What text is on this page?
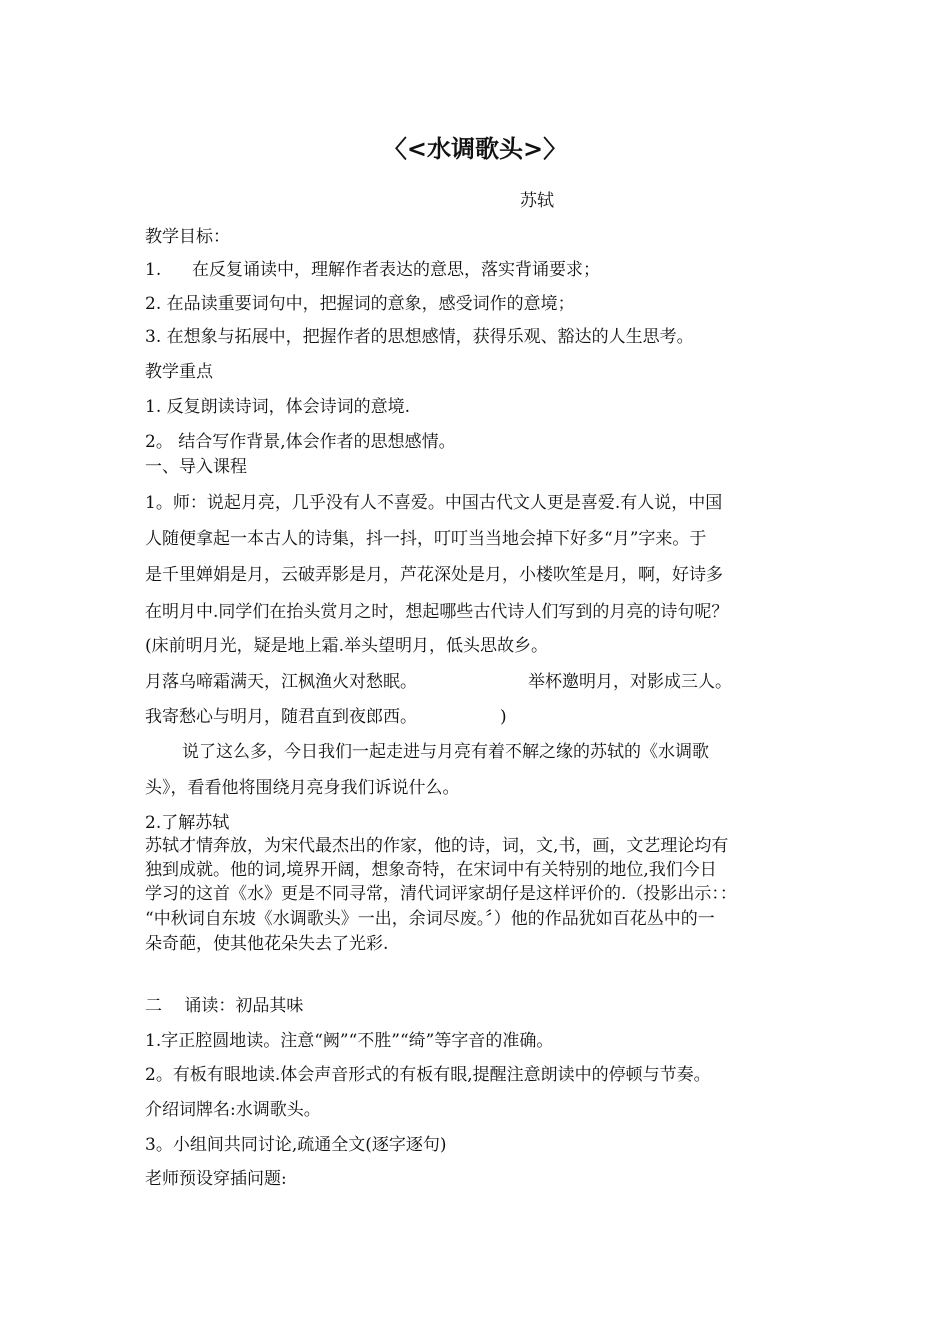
〈<水调歌头>〉
苏轼
教学目标：
1. 在反复诵读中，理解作者表达的意思，落实背诵要求；
2. 在品读重要词句中，把握词的意象，感受词作的意境；
3. 在想象与拓展中，把握作者的思想感情，获得乐观、豁达的人生思考。
教学重点
1. 反复朗读诗词，体会诗词的意境.
2。 结合写作背景,体会作者的思想感情。
一、导入课程
1。师：说起月亮，几乎没有人不喜爱。中国古代文人更是喜爱.有人说，中国
人随便拿起一本古人的诗集，抖一抖，叮叮当当地会掉下好多“月”字来。于
是千里婵娟是月，云破弄影是月，芦花深处是月，小楼吹笙是月，啊，好诗多
在明月中.同学们在抬头赏月之时，想起哪些古代诗人们写到的月亮的诗句呢？
(床前明月光，疑是地上霜.举头望明月，低头思故乡。
月落乌啼霜满天，江枫渔火对愁眠。	举杯邀明月，对影成三人。
我寄愁心与明月，随君直到夜郎西。	)
说了这么多，今日我们一起走进与月亮有着不解之缘的苏轼的《水调歌
头》，看看他将围绕月亮身我们诉说什么。
2.了解苏轼
苏轼才情奔放，为宋代最杰出的作家，他的诗，词，文,书，画，文艺理论均有
独到成就。他的词,境界开阔，想象奇特，在宋词中有关特别的地位,我们今日
学习的这首《水》更是不同寻常，清代词评家胡仔是这样评价的.（投影出示：：
“中秋词自东坡《水调歌头》一出，余词尽废。〞）他的作品犹如百花丛中的一
朵奇葩，使其他花朵失去了光彩.
二　 诵读：初品其味
1.字正腔圆地读。注意“阙”“不胜”“绮”等字音的准确。
2。有板有眼地读.体会声音形式的有板有眼,提醒注意朗读中的停顿与节奏。
介绍词牌名:水调歌头。
3。小组间共同讨论,疏通全文(逐字逐句)
老师预设穿插问题:
